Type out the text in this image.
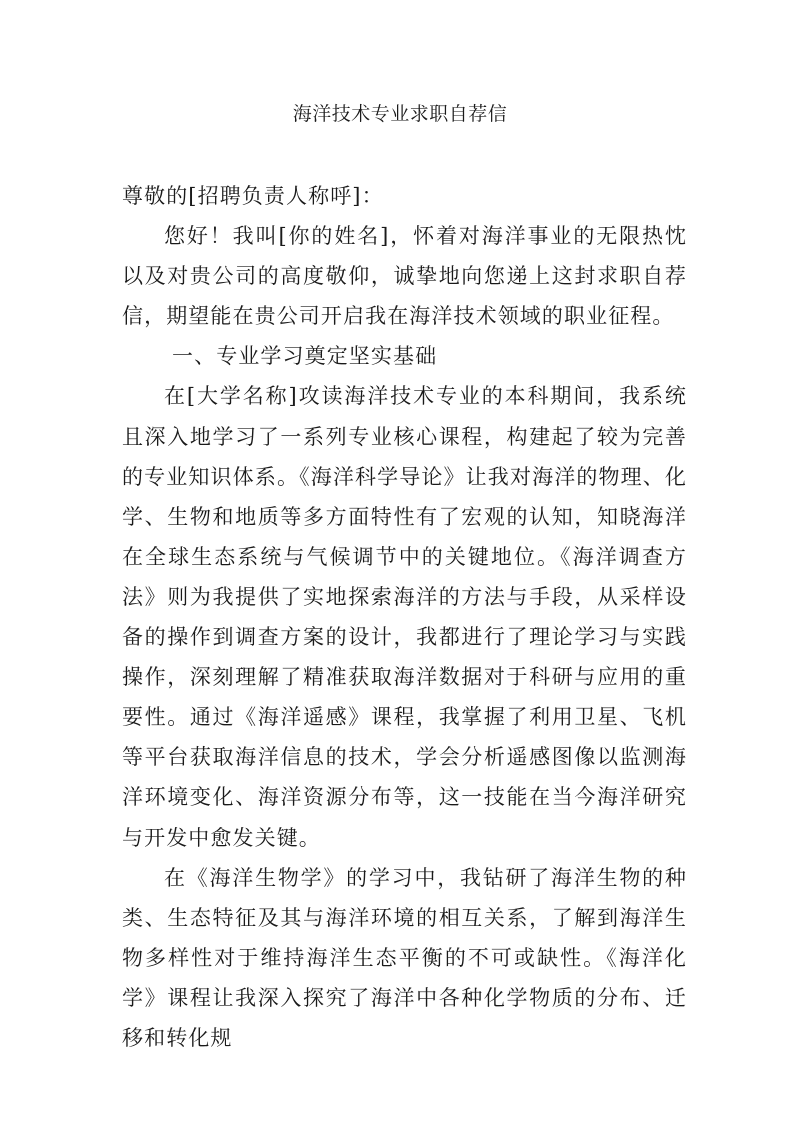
海洋技术专业求职自荐信

尊敬的[招聘负责人称呼]：

您好！我叫[你的姓名]，怀着对海洋事业的无限热忱以及对贵公司的高度敬仰，诚挚地向您递上这封求职自荐信，期望能在贵公司开启我在海洋技术领域的职业征程。

一、专业学习奠定坚实基础

在[大学名称]攻读海洋技术专业的本科期间，我系统且深入地学习了一系列专业核心课程，构建起了较为完善的专业知识体系。《海洋科学导论》让我对海洋的物理、化学、生物和地质等多方面特性有了宏观的认知，知晓海洋在全球生态系统与气候调节中的关键地位。《海洋调查方法》则为我提供了实地探索海洋的方法与手段，从采样设备的操作到调查方案的设计，我都进行了理论学习与实践操作，深刻理解了精准获取海洋数据对于科研与应用的重要性。通过《海洋遥感》课程，我掌握了利用卫星、飞机等平台获取海洋信息的技术，学会分析遥感图像以监测海洋环境变化、海洋资源分布等，这一技能在当今海洋研究与开发中愈发关键。

在《海洋生物学》的学习中，我钻研了海洋生物的种类、生态特征及其与海洋环境的相互关系，了解到海洋生物多样性对于维持海洋生态平衡的不可或缺性。《海洋化学》课程让我深入探究了海洋中各种化学物质的分布、迁移和转化规
